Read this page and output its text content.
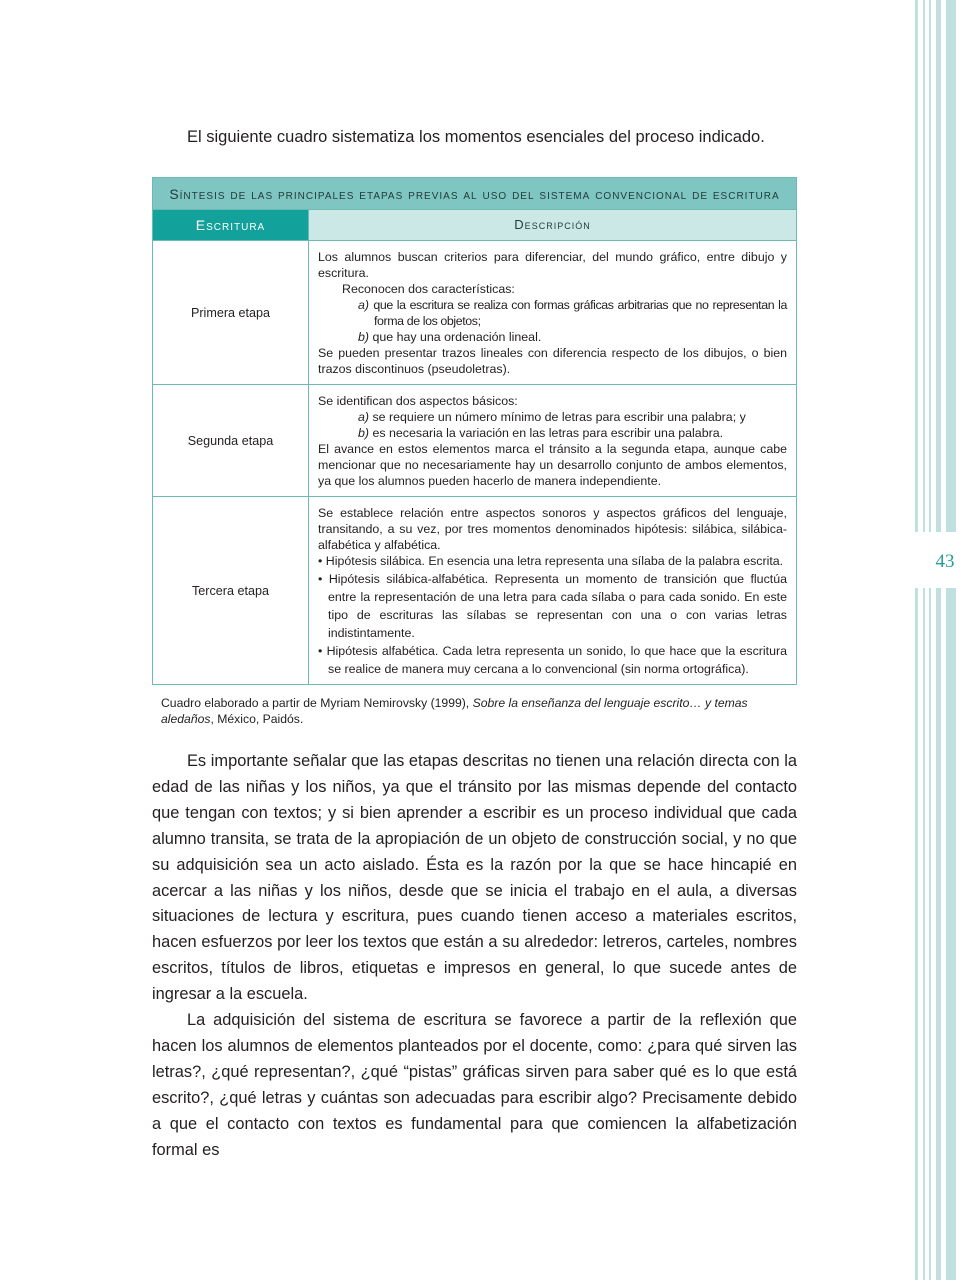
43
El siguiente cuadro sistematiza los momentos esenciales del proceso indicado.
Síntesis de las principales etapas previas al uso del sistema convencional de escritura	
Escritura	Descripción
Primera etapa	Los alumnos buscan criterios para diferenciar, del mundo gráfico, entre dibujo y escritura.
Reconocen dos características:
a) que la escritura se realiza con formas gráficas arbitrarias que no representan la forma de los objetos;
b) que hay una ordenación lineal.
Se pueden presentar trazos lineales con diferencia respecto de los dibujos, o bien trazos discontinuos (pseudoletras).

Segunda etapa	Se identifican dos aspectos básicos:
a) se requiere un número mínimo de letras para escribir una palabra; y
b) es necesaria la variación en las letras para escribir una palabra.
El avance en estos elementos marca el tránsito a la segunda etapa, aunque cabe mencionar que no necesariamente hay un desarrollo conjunto de ambos elementos, ya que los alumnos pueden hacerlo de manera independiente.

Tercera etapa	Se establece relación entre aspectos sonoros y aspectos gráficos del lenguaje, transitando, a su vez, por tres momentos denominados hipótesis: silábica, silábica-alfabética y alfabética.
• Hipótesis silábica. En esencia una letra representa una sílaba de la palabra escrita.
• Hipótesis silábica-alfabética. Representa un momento de transición que fluctúa entre la representación de una letra para cada sílaba o para cada sonido. En este tipo de escrituras las sílabas se representan con una o con varias letras indistintamente.
• Hipótesis alfabética. Cada letra representa un sonido, lo que hace que la escritura se realice de manera muy cercana a lo convencional (sin norma ortográfica).
Cuadro elaborado a partir de Myriam Nemirovsky (1999), Sobre la enseñanza del lenguaje escrito… y temas aledaños, México, Paidós.

Es importante señalar que las etapas descritas no tienen una relación directa con la edad de las niñas y los niños, ya que el tránsito por las mismas depende del contacto que tengan con textos; y si bien aprender a escribir es un proceso individual que cada alumno transita, se trata de la apropiación de un objeto de construcción social, y no que su adquisición sea un acto aislado. Ésta es la razón por la que se hace hincapié en acercar a las niñas y los niños, desde que se inicia el trabajo en el aula, a diversas situaciones de lectura y escritura, pues cuando tienen acceso a materiales escritos, hacen esfuerzos por leer los textos que están a su alrededor: letreros, carteles, nombres escritos, títulos de libros, etiquetas e impresos en general, lo que sucede antes de ingresar a la escuela.

La adquisición del sistema de escritura se favorece a partir de la reflexión que hacen los alumnos de elementos planteados por el docente, como: ¿para qué sirven las letras?, ¿qué representan?, ¿qué “pistas” gráficas sirven para saber qué es lo que está escrito?, ¿qué letras y cuántas son adecuadas para escribir algo? Precisamente debido a que el contacto con textos es fundamental para que comiencen la alfabetización formal es
